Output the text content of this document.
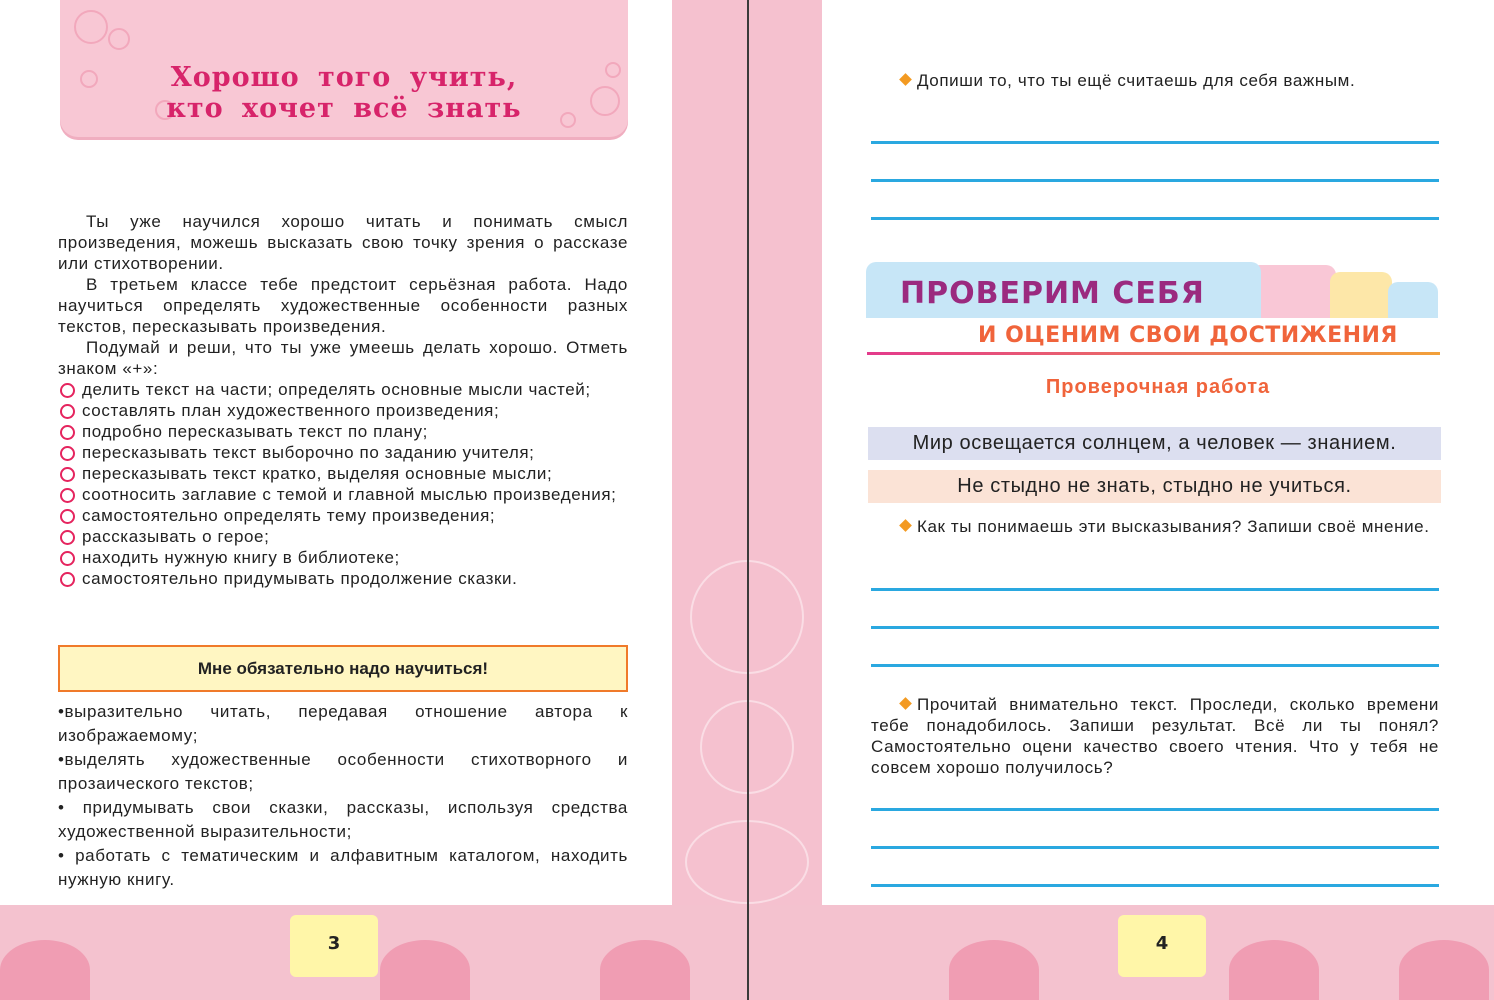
Хорошо того учить,
кто хочет всё знать

Ты уже научился хорошо читать и понимать смысл произведения, можешь высказать свою точку зрения о рассказе или стихотворении.

В третьем классе тебе предстоит серьёзная работа. Надо научиться определять художественные особенности разных текстов, пересказывать произведения.

Подумай и реши, что ты уже умеешь делать хорошо. Отметь знаком «+»:

делить текст на части; определять основные мысли частей;
составлять план художественного произведения;
подробно пересказывать текст по плану;
пересказывать текст выборочно по заданию учителя;
пересказывать текст кратко, выделяя основные мысли;
соотносить заглавие с темой и главной мыслью произведения;
самостоятельно определять тему произведения;
рассказывать о герое;
находить нужную книгу в библиотеке;
самостоятельно придумывать продолжение сказки.
Мне обязательно надо научиться!

•выразительно читать, передавая отношение автора к изображаемому;

•выделять художественные особенности стихотворного и прозаического текстов;

• придумывать свои сказки, рассказы, используя средства художественной выразительности;

• работать с тематическим и алфавитным каталогом, находить нужную книгу.

3
Допиши то, что ты ещё считаешь для себя важным.
ПРОВЕРИМ СЕБЯ
И ОЦЕНИМ СВОИ ДОСТИЖЕНИЯ
Проверочная работа
Мир освещается солнцем, а человек — знанием.
Не стыдно не знать, стыдно не учиться.
Как ты понимаешь эти высказывания? Запиши своё мнение.
Прочитай внимательно текст. Проследи, сколько времени тебе понадобилось. Запиши результат. Всё ли ты понял? Самостоятельно оцени качество своего чтения. Что у тебя не совсем хорошо получилось?
4
